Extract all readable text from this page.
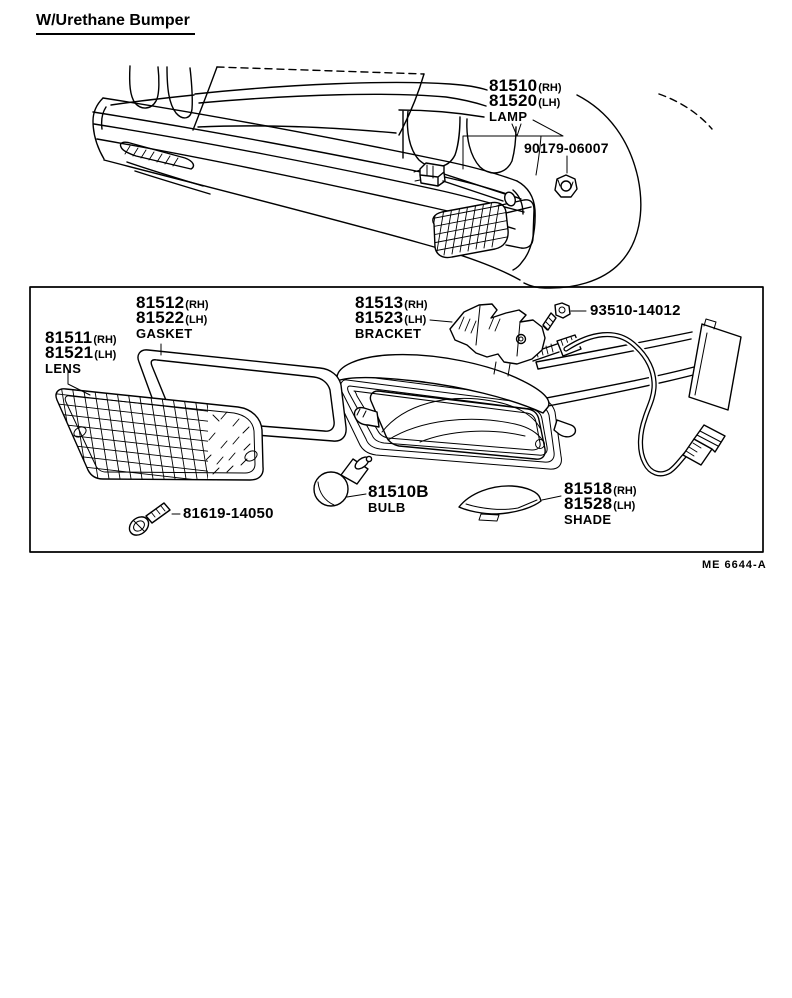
W/Urethane Bumper
81510(RH)
81520(LH)
LAMP
90179-06007
81512(RH)
81522(LH)
GASKET
81513(RH)
81523(LH)
BRACKET
93510-14012
81511(RH)
81521(LH)
LENS
81510B
BULB
81518(RH)
81528(LH)
SHADE
81619-14050
ME 6644-A
